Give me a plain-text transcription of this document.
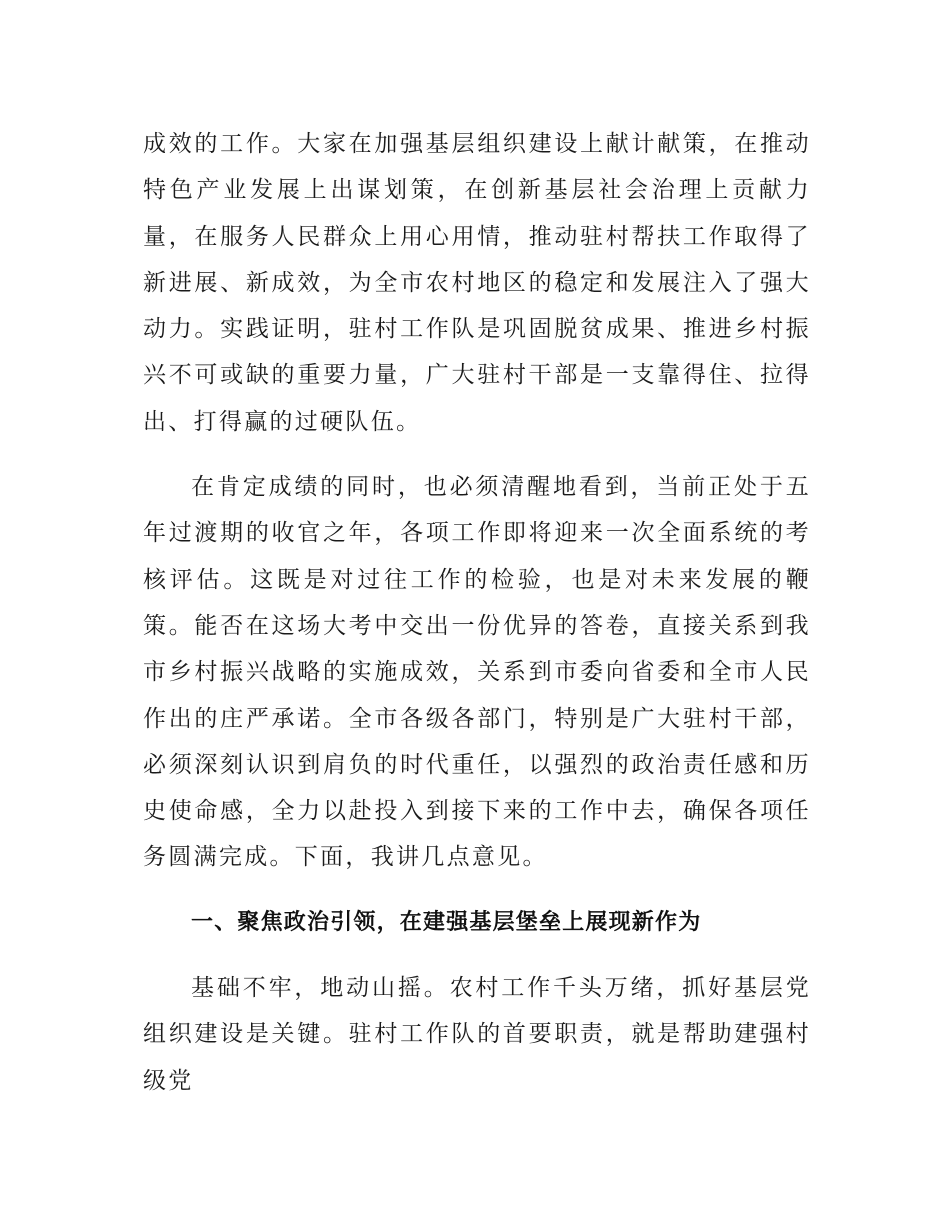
成效的工作。大家在加强基层组织建设上献计献策，在推动特色产业发展上出谋划策，在创新基层社会治理上贡献力量，在服务人民群众上用心用情，推动驻村帮扶工作取得了新进展、新成效，为全市农村地区的稳定和发展注入了强大动力。实践证明，驻村工作队是巩固脱贫成果、推进乡村振兴不可或缺的重要力量，广大驻村干部是一支靠得住、拉得出、打得赢的过硬队伍。

在肯定成绩的同时，也必须清醒地看到，当前正处于五年过渡期的收官之年，各项工作即将迎来一次全面系统的考核评估。这既是对过往工作的检验，也是对未来发展的鞭策。能否在这场大考中交出一份优异的答卷，直接关系到我市乡村振兴战略的实施成效，关系到市委向省委和全市人民作出的庄严承诺。全市各级各部门，特别是广大驻村干部，必须深刻认识到肩负的时代重任，以强烈的政治责任感和历史使命感，全力以赴投入到接下来的工作中去，确保各项任务圆满完成。下面，我讲几点意见。

一、聚焦政治引领，在建强基层堡垒上展现新作为

基础不牢，地动山摇。农村工作千头万绪，抓好基层党组织建设是关键。驻村工作队的首要职责，就是帮助建强村级党
